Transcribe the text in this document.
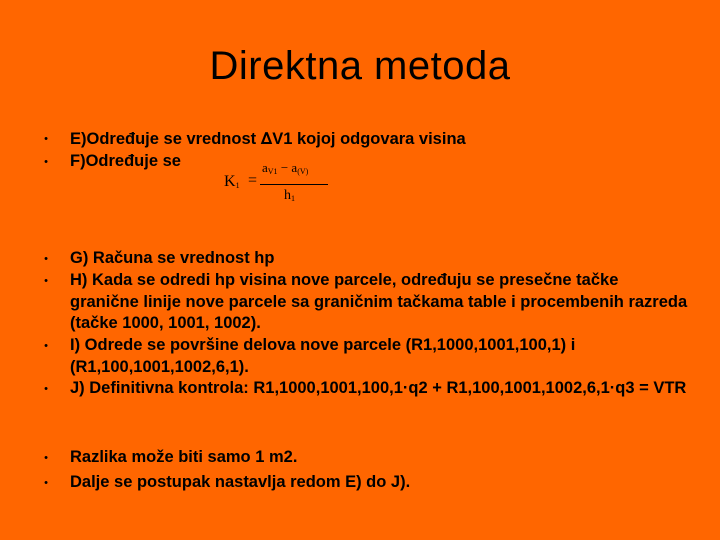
Direktna metoda
• E)Određuje se vrednost ∆V1 kojoj odgovara visina
• F)Određuje se
• G) Računa se vrednost hp
• H) Kada se odredi hp visina nove parcele, određuju se presečne tačke granične linije nove parcele sa graničnim tačkama table i procembenih razreda (tačke 1000, 1001, 1002).
• I) Odrede se površine delova nove parcele (R1,1000,1001,100,1) i (R1,100,1001,1002,6,1).
• J) Definitivna kontrola: R1,1000,1001,100,1·q2 + R1,100,1001,1002,6,1·q3 = VTR
• Razlika može biti samo 1 m2.
• Dalje se postupak nastavlja redom E) do J).
$K_1$ =
$a_{V1} - a_{(V)}$
$h_1$
